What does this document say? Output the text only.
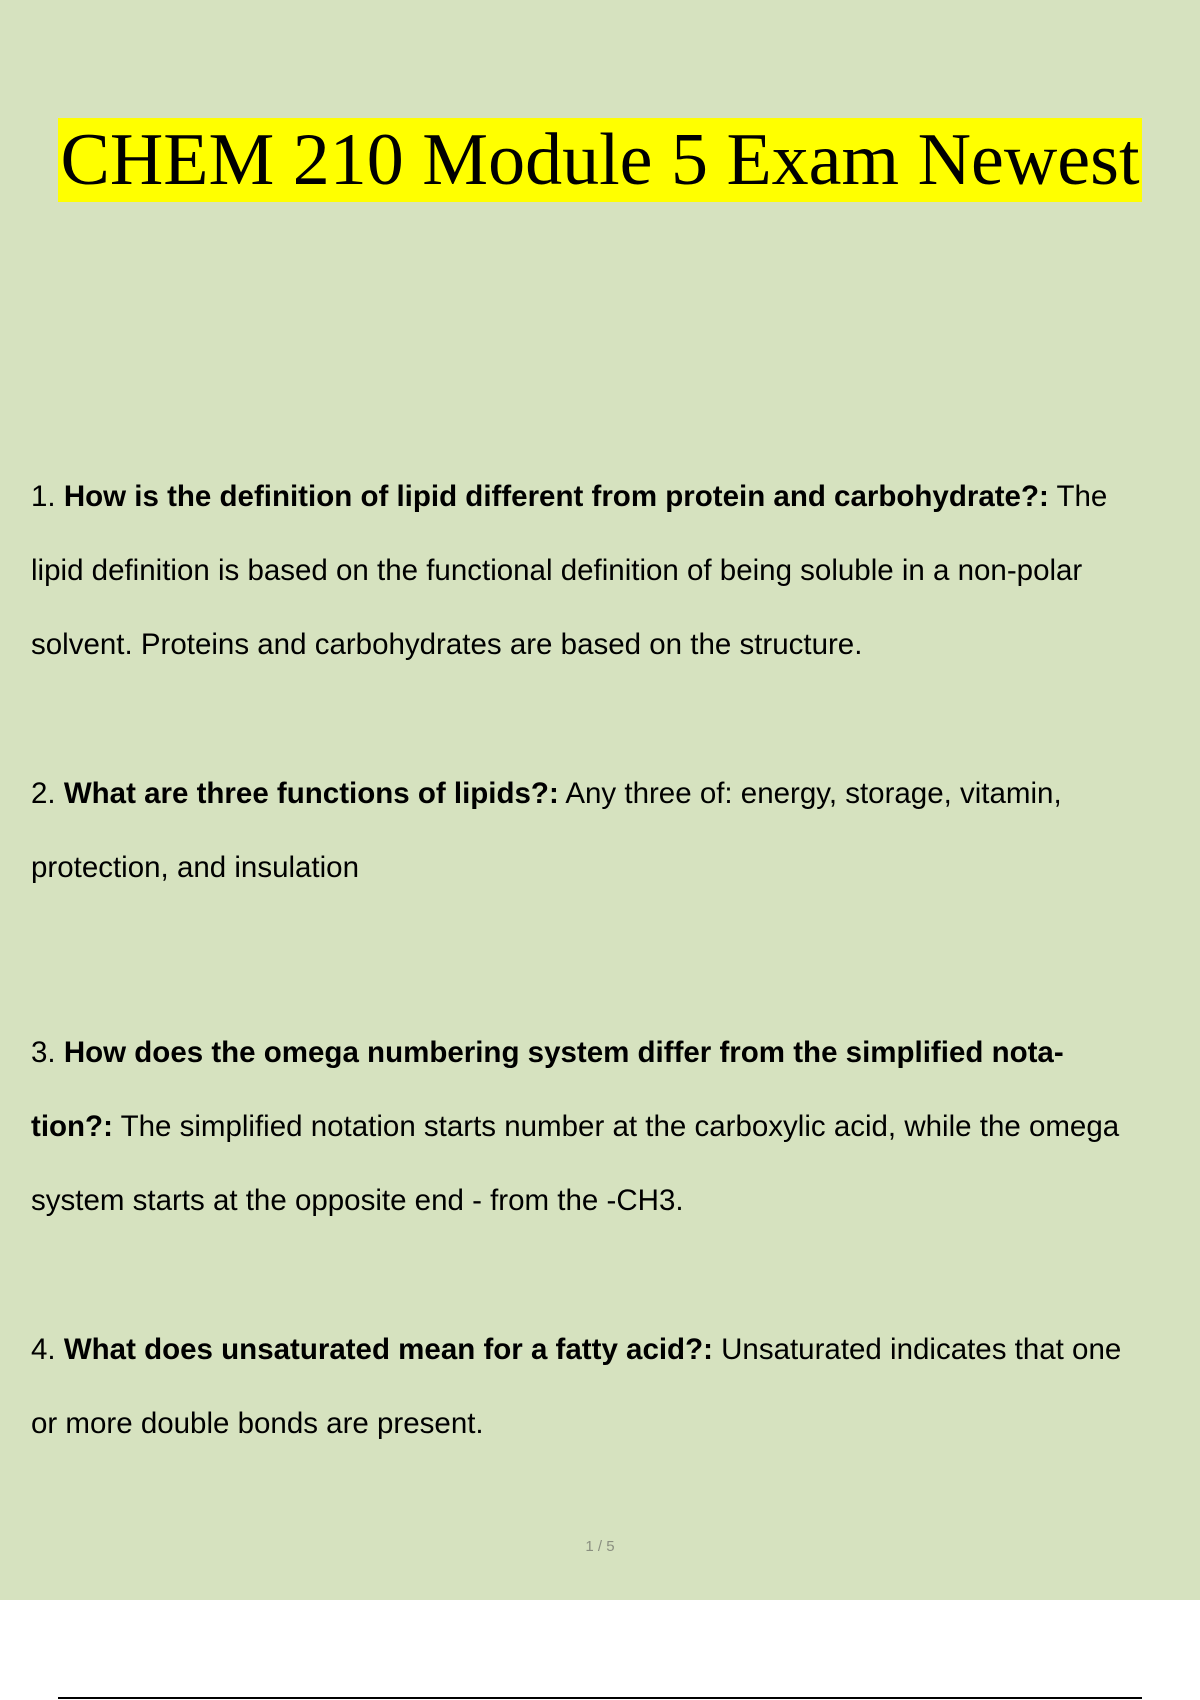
CHEM 210 Module 5 Exam Newest
1. How is the definition of lipid different from protein and carbohydrate?: The
lipid definition is based on the functional definition of being soluble in a non-polar
solvent. Proteins and carbohydrates are based on the structure.
2. What are three functions of lipids?: Any three of: energy, storage, vitamin,
protection, and insulation
3. How does the omega numbering system differ from the simplified nota-
tion?: The simplified notation starts number at the carboxylic acid, while the omega
system starts at the opposite end - from the -CH3.
4. What does unsaturated mean for a fatty acid?: Unsaturated indicates that one
or more double bonds are present.
1 / 5
